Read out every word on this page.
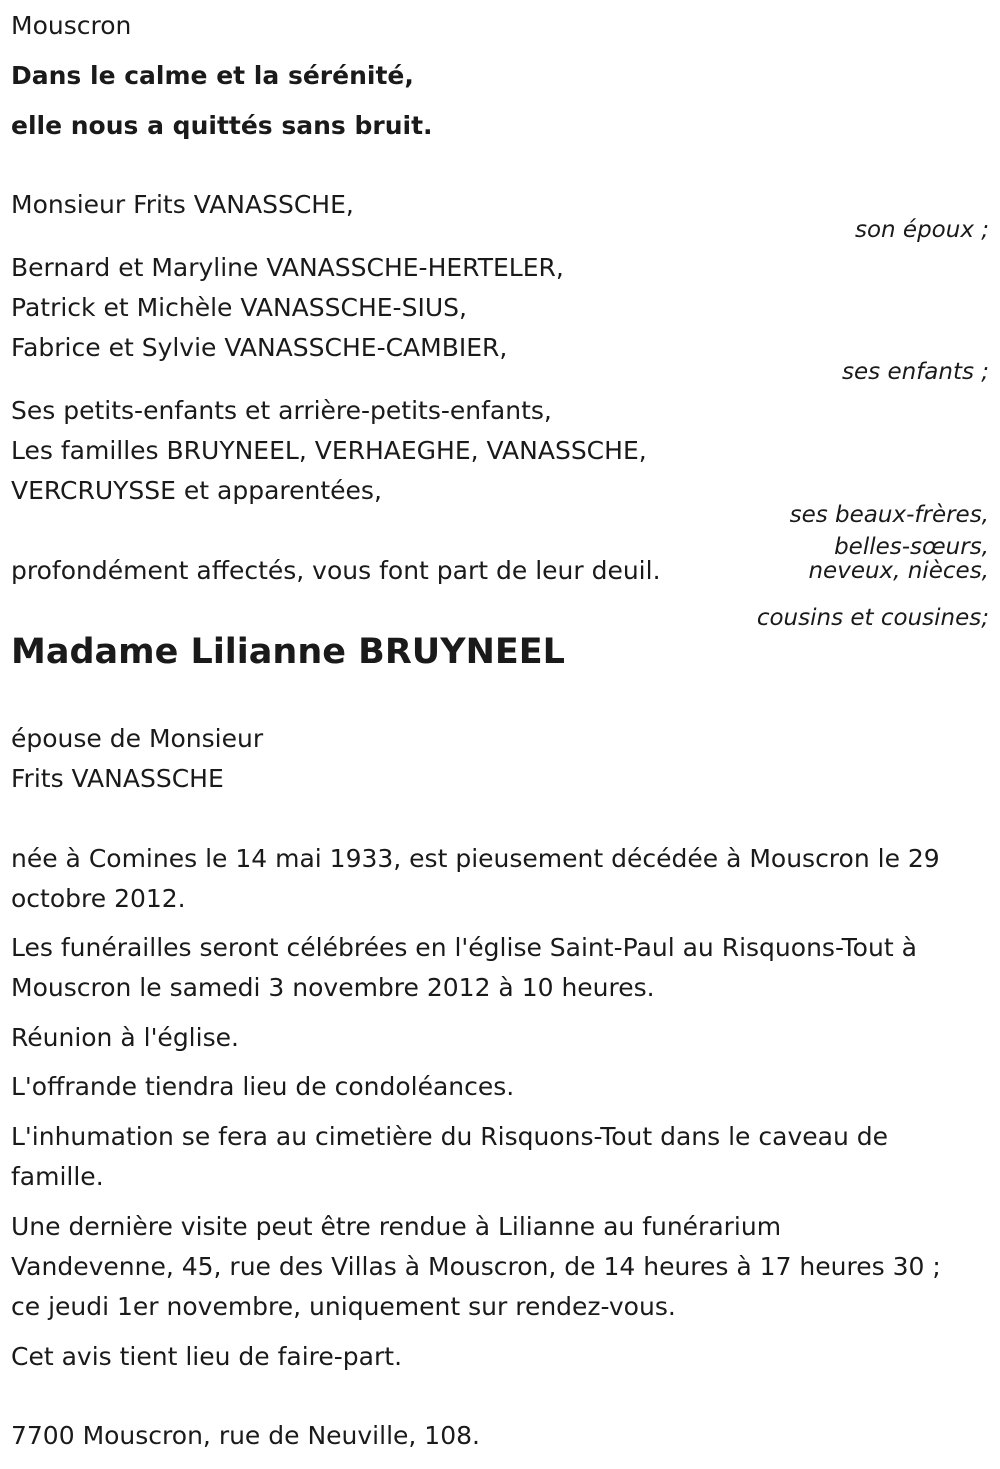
Mouscron

Dans le calme et la sérénité,

elle nous a quittés sans bruit.

Monsieur Frits VANASSCHE,

son époux ;

Bernard et Maryline VANASSCHE-HERTELER,

Patrick et Michèle VANASSCHE-SIUS,

Fabrice et Sylvie VANASSCHE-CAMBIER,

ses enfants ;

Ses petits-enfants et arrière-petits-enfants,

Les familles BRUYNEEL, VERHAEGHE, VANASSCHE,

VERCRUYSSE et apparentées,

ses beaux-frères,

belles-sœurs,

neveux, nièces,

cousins et cousines;

profondément affectés, vous font part de leur deuil.

Madame Lilianne BRUYNEEL

épouse de Monsieur

Frits VANASSCHE

née à Comines le 14 mai 1933, est pieusement décédée à Mouscron le 29

octobre 2012.

Les funérailles seront célébrées en l'église Saint-Paul au Risquons-Tout à

Mouscron le samedi 3 novembre 2012 à 10 heures.

Réunion à l'église.

L'offrande tiendra lieu de condoléances.

L'inhumation se fera au cimetière du Risquons-Tout dans le caveau de

famille.

Une dernière visite peut être rendue à Lilianne au funérarium

Vandevenne, 45, rue des Villas à Mouscron, de 14 heures à 17 heures 30 ;

ce jeudi 1er novembre, uniquement sur rendez-vous.

Cet avis tient lieu de faire-part.

7700 Mouscron, rue de Neuville, 108.
